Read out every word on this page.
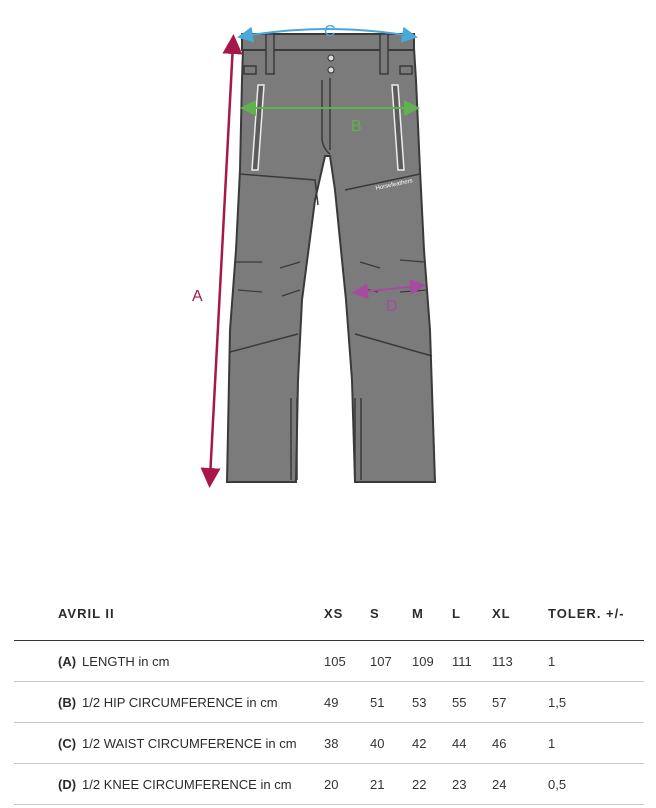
Horsefeathers
C
B
A
D
AVRIL II	XS	S	M	L	XL	TOLER. +/-
(A) LENGTH in cm	105	107	109	111	113	1
(B) 1/2 HIP CIRCUMFERENCE in cm	49	51	53	55	57	1,5
(C) 1/2 WAIST CIRCUMFERENCE in cm	38	40	42	44	46	1
(D) 1/2 KNEE CIRCUMFERENCE in cm	20	21	22	23	24	0,5
